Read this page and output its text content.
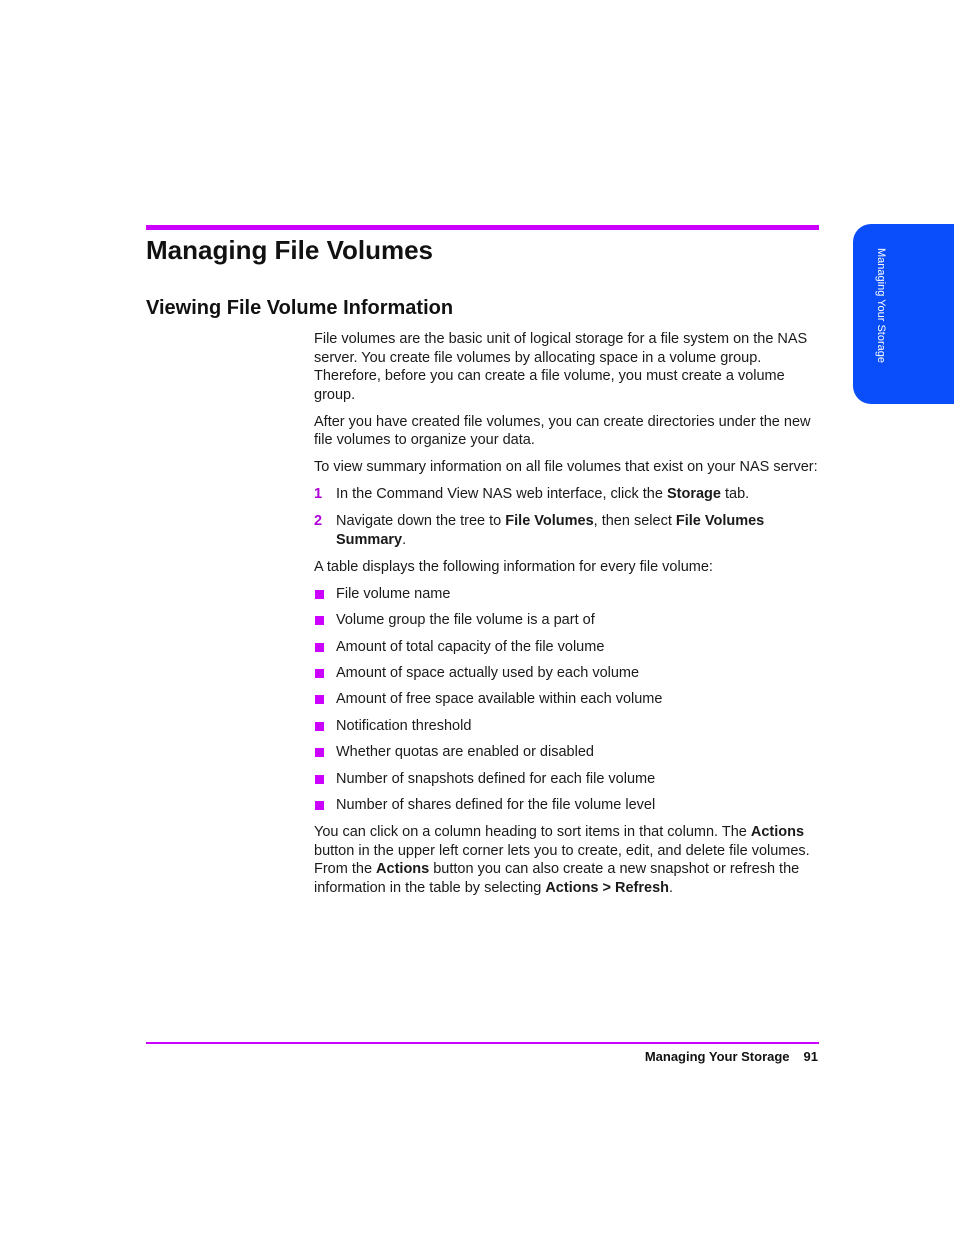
Managing File Volumes
Viewing File Volume Information	Managing Your Storage

File volumes are the basic unit of logical storage for a file system on the NAS server. You create file volumes by allocating space in a volume group. Therefore, before you can create a file volume, you must create a volume group.

After you have created file volumes, you can create directories under the new file volumes to organize your data.

To view summary information on all file volumes that exist on your NAS server:

1 In the Command View NAS web interface, click the Storage tab.
2 Navigate down the tree to File Volumes, then select File Volumes Summary.

A table displays the following information for every file volume:

File volume name
Volume group the file volume is a part of
Amount of total capacity of the file volume
Amount of space actually used by each volume
Amount of free space available within each volume
Notification threshold
Whether quotas are enabled or disabled
Number of snapshots defined for each file volume
Number of shares defined for the file volume level

You can click on a column heading to sort items in that column. The Actions button in the upper left corner lets you to create, edit, and delete file volumes. From the Actions button you can also create a new snapshot or refresh the information in the table by selecting Actions > Refresh.

Managing Your Storage 91
